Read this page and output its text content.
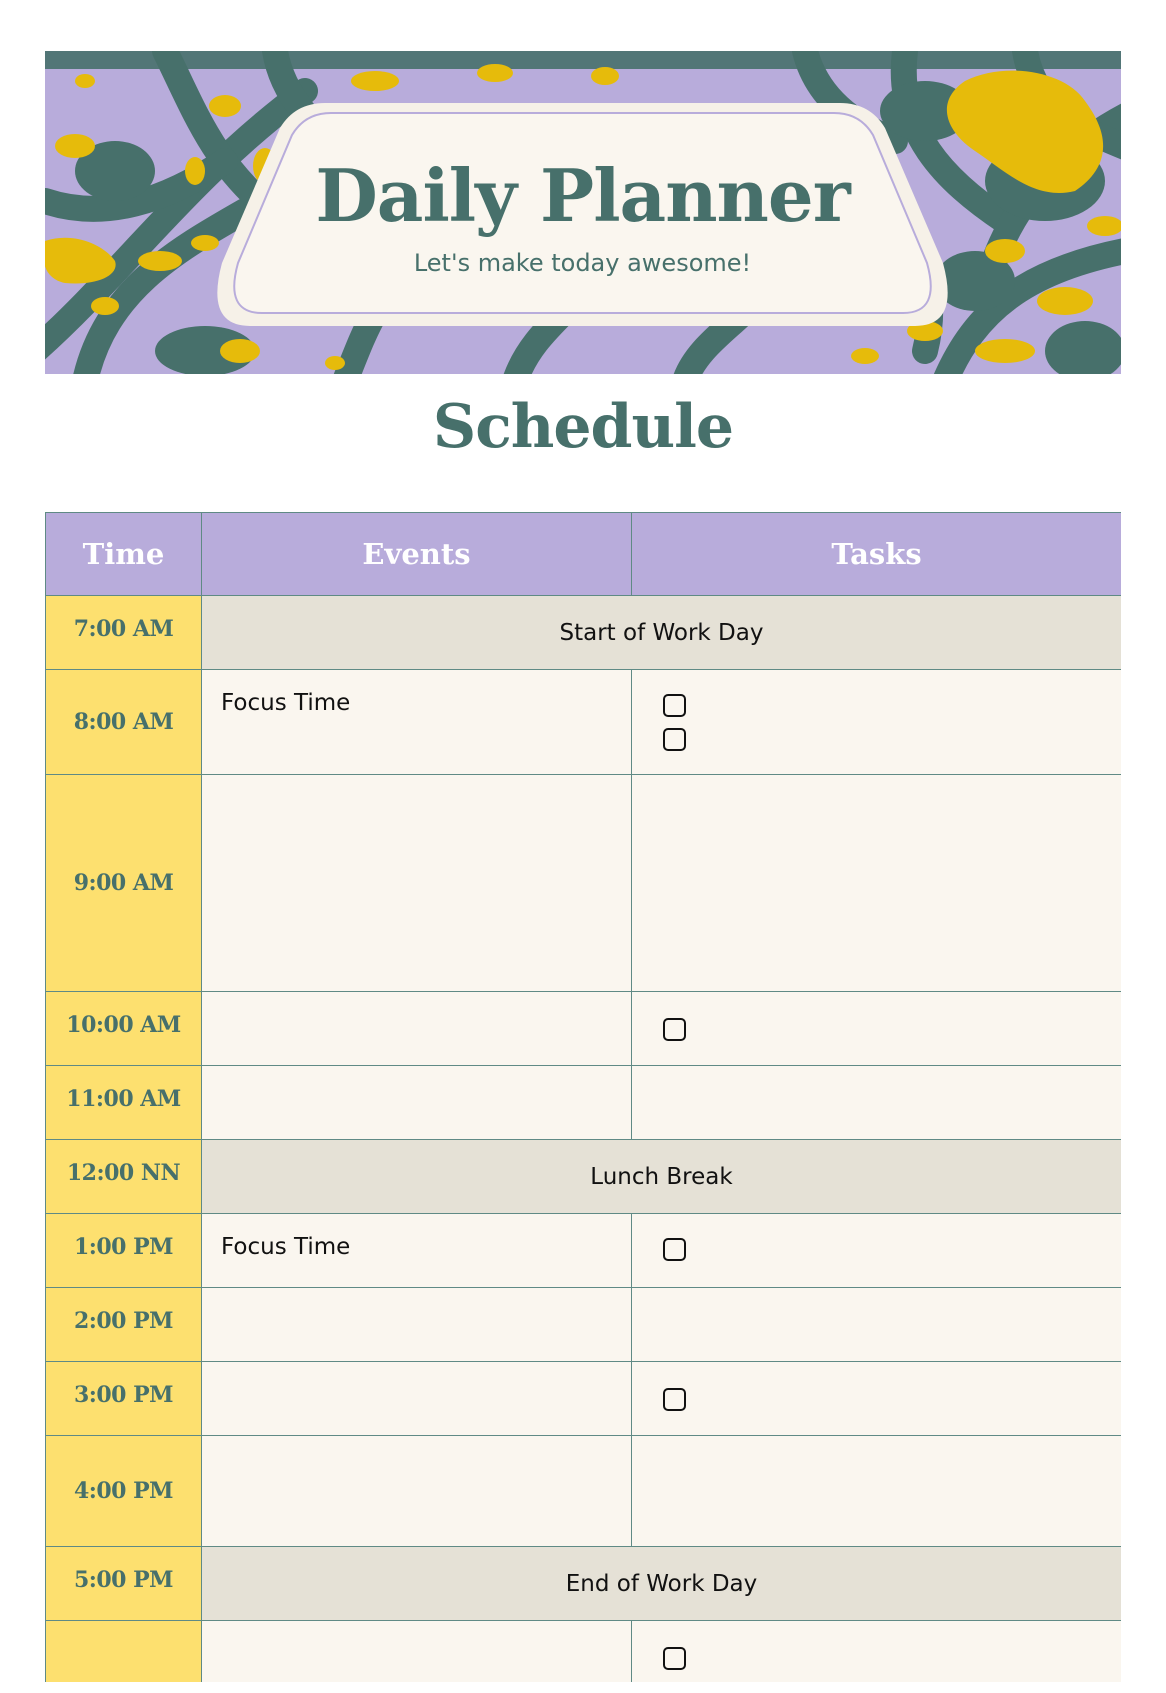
Daily Planner
Let's make today awesome!
Schedule
Time	Events	Tasks
7:00 AM	Start of Work Day	
8:00 AM	Focus Time	

9:00 AM		
10:00 AM		

11:00 AM		
12:00 NN	Lunch Break	
1:00 PM	Focus Time	

2:00 PM		
3:00 PM		

4:00 PM		
5:00 PM	End of Work Day	
